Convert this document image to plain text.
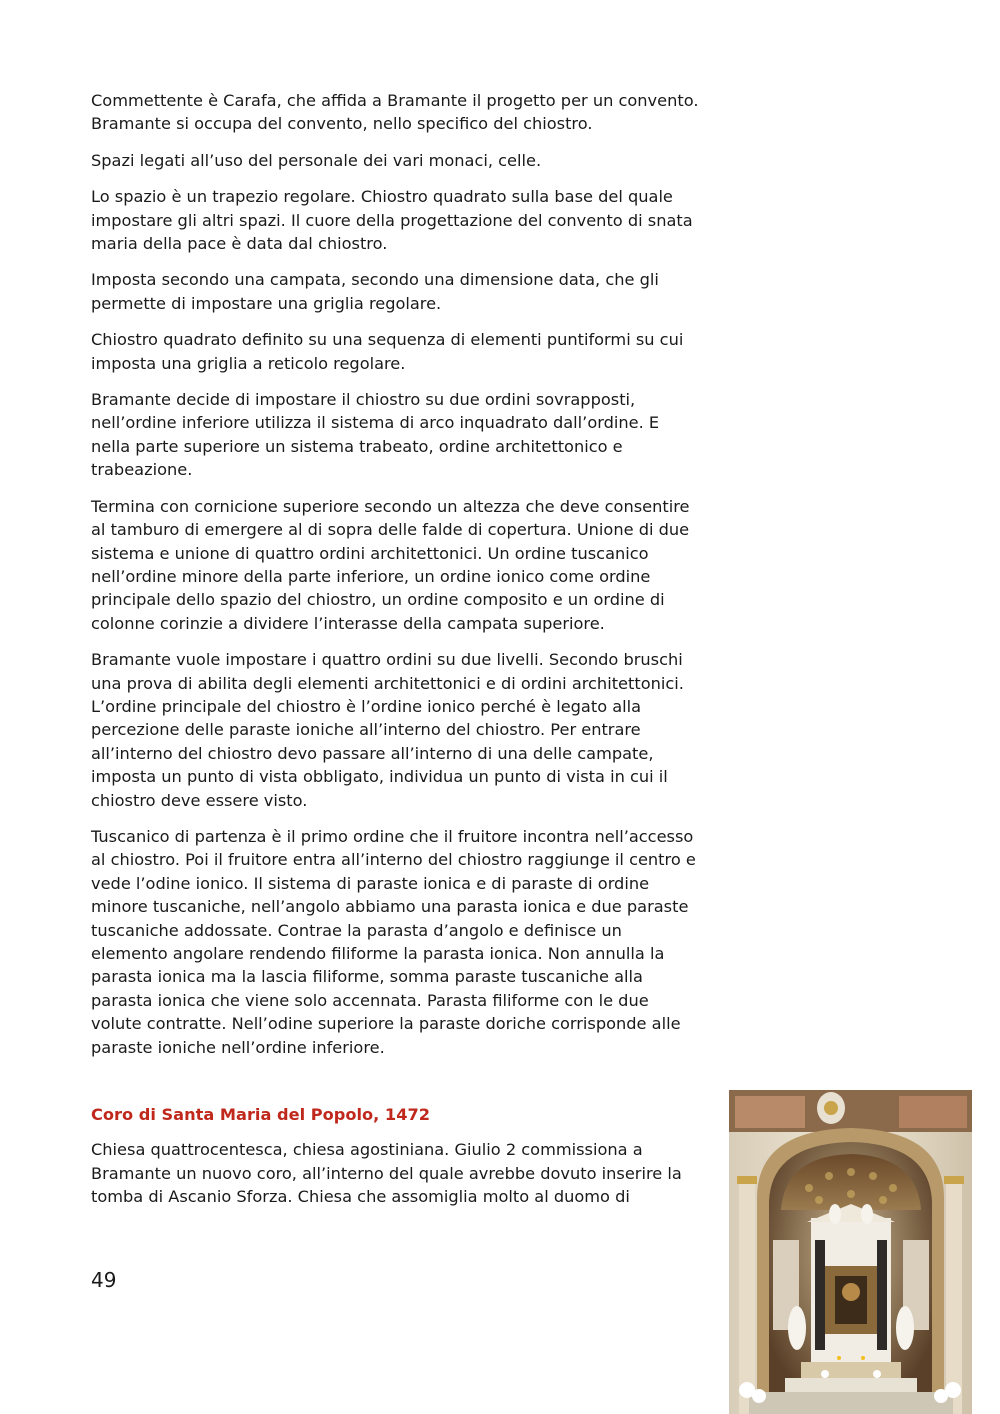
Commettente è Carafa, che affida a Bramante il progetto per un convento. Bramante si occupa del convento, nello specifico del chiostro.

Spazi legati all’uso del personale dei vari monaci, celle.

Lo spazio è un trapezio regolare. Chiostro quadrato sulla base del quale impostare gli altri spazi. Il cuore della progettazione del convento di snata maria della pace è data dal chiostro.

Imposta secondo una campata, secondo una dimensione data, che gli permette di impostare una griglia regolare.

Chiostro quadrato definito su una sequenza di elementi puntiformi su cui imposta una griglia a reticolo regolare.

Bramante decide di impostare il chiostro su due ordini sovrapposti, nell’ordine inferiore utilizza il sistema di arco inquadrato dall’ordine. E nella parte superiore un sistema trabeato, ordine architettonico e trabeazione.

Termina con cornicione superiore secondo un altezza che deve consentire al tamburo di emergere al di sopra delle falde di copertura. Unione di due sistema e unione di quattro ordini architettonici. Un ordine tuscanico nell’ordine minore della parte inferiore, un ordine ionico come ordine principale dello spazio del chiostro, un ordine composito e un ordine di colonne corinzie a dividere l’interasse della campata superiore.

Bramante vuole impostare i quattro ordini su due livelli. Secondo bruschi una prova di abilita degli elementi architettonici e di ordini architettonici. L’ordine principale del chiostro è l’ordine ionico perché è legato alla percezione delle paraste ioniche all’interno del chiostro. Per entrare all’interno del chiostro devo passare all’interno di una delle campate, imposta un punto di vista obbligato, individua un punto di vista in cui il chiostro deve essere visto.

Tuscanico di partenza è il primo ordine che il fruitore incontra nell’accesso al chiostro. Poi il fruitore entra all’interno del chiostro raggiunge il centro e vede l’odine ionico. Il sistema di paraste ionica e di paraste di ordine minore tuscaniche, nell’angolo abbiamo una parasta ionica e due paraste tuscaniche addossate. Contrae la parasta d’angolo e definisce un elemento angolare rendendo filiforme la parasta ionica. Non annulla la parasta ionica ma la lascia filiforme, somma paraste tuscaniche alla parasta ionica che viene solo accennata. Parasta filiforme con le due volute contratte. Nell’odine superiore la paraste doriche corrisponde alle paraste ioniche nell’ordine inferiore.

Coro di Santa Maria del Popolo, 1472

Chiesa quattrocentesca, chiesa agostiniana. Giulio 2 commissiona a Bramante un nuovo coro, all’interno del quale avrebbe dovuto inserire la tomba di Ascanio Sforza. Chiesa che assomiglia molto al duomo di

49
